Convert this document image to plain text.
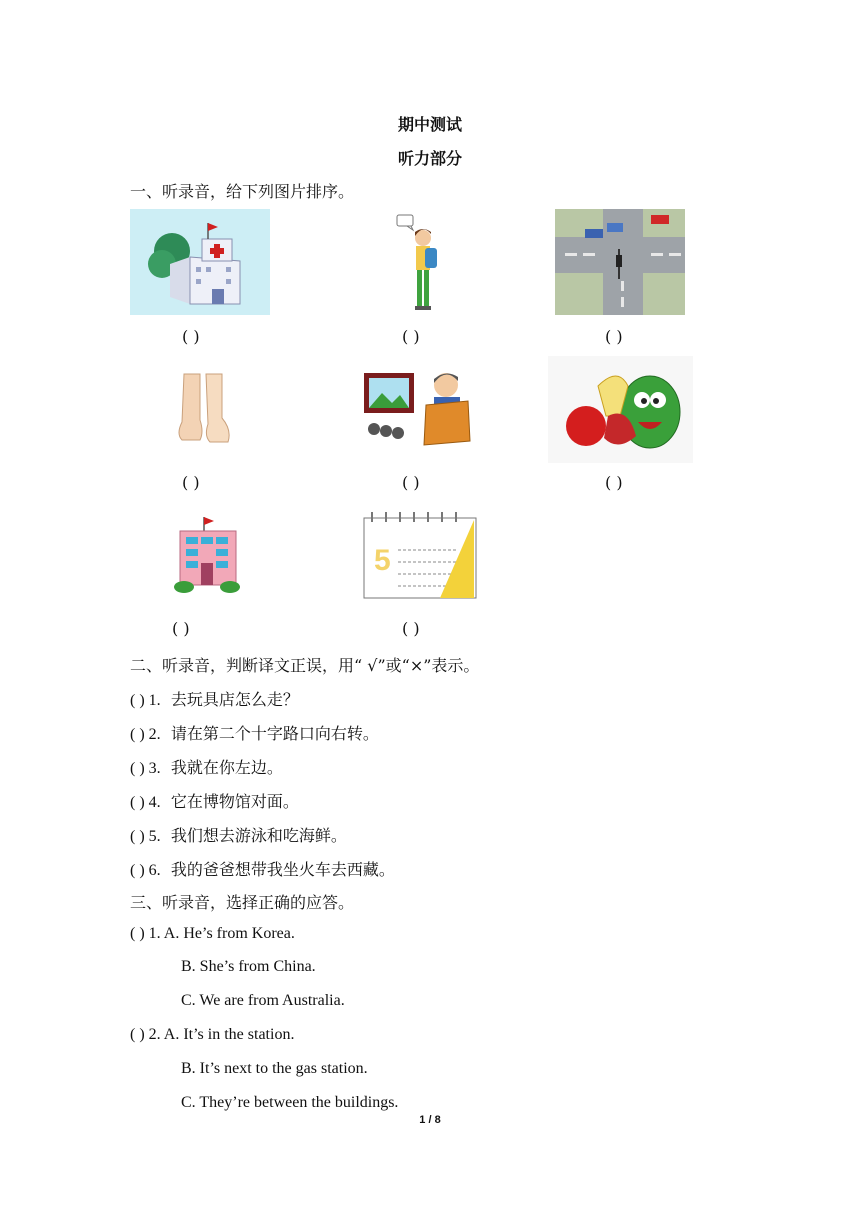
期中测试
听力部分
一、听录音，给下列图片排序。
( )	( )	( )
( )	( )	( )
5
( )	( )
二、听录音，判断译文正误，用“ √”或“×”表示。
( ) 1. 去玩具店怎么走？
( ) 2. 请在第二个十字路口向右转。
( ) 3. 我就在你左边。
( ) 4. 它在博物馆对面。
( ) 5. 我们想去游泳和吃海鲜。
( ) 6. 我的爸爸想带我坐火车去西藏。
三、听录音，选择正确的应答。
( ) 1. A. He’s from Korea.
B. She’s from China.
C. We are from Australia.
( ) 2. A. It’s in the station.
B. It’s next to the gas station.
C. They’re between the buildings.
1 / 8
